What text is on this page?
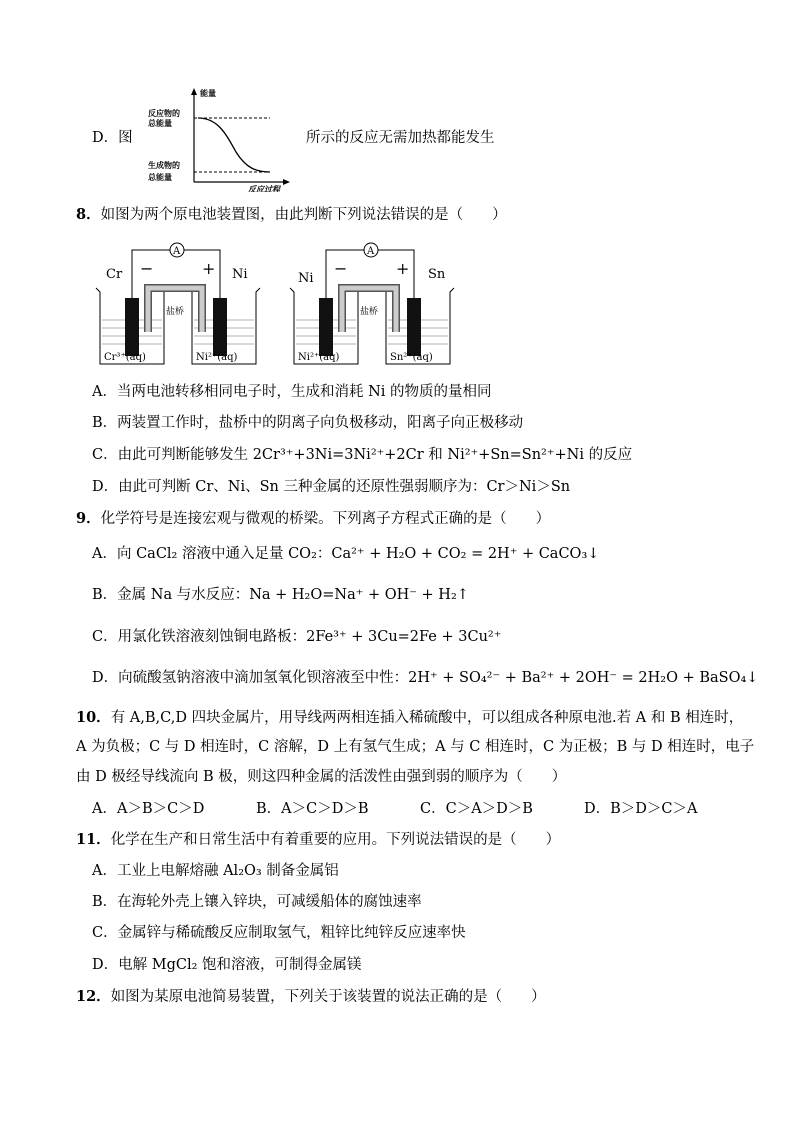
D．图
能量
反应物的
总能量
生成物的
总能量
反应过程
所示的反应无需加热都能发生
8．如图为两个原电池装置图，由此判断下列说法错误的是（　　）
A
Cr −	+ Ni
盐桥
Cr³⁺(aq)	Ni²⁺(aq)
A
Ni
−	+ Sn
盐桥
Ni²⁺(aq)	Sn²⁺(aq)
A．当两电池转移相同电子时，生成和消耗 Ni 的物质的量相同
B．两装置工作时，盐桥中的阴离子向负极移动，阳离子向正极移动
C．由此可判断能够发生 2Cr³⁺+3Ni=3Ni²⁺+2Cr 和 Ni²⁺+Sn=Sn²⁺+Ni 的反应
D．由此可判断 Cr、Ni、Sn 三种金属的还原性强弱顺序为：Cr＞Ni＞Sn
9．化学符号是连接宏观与微观的桥梁。下列离子方程式正确的是（　　）
A．向 CaCl₂ 溶液中通入足量 CO₂：Ca²⁺ + H₂O + CO₂ = 2H⁺ + CaCO₃↓
B．金属 Na 与水反应：Na + H₂O=Na⁺ + OH⁻ + H₂↑
C．用氯化铁溶液刻蚀铜电路板：2Fe³⁺ + 3Cu=2Fe + 3Cu²⁺
D．向硫酸氢钠溶液中滴加氢氧化钡溶液至中性：2H⁺ + SO₄²⁻ + Ba²⁺ + 2OH⁻ = 2H₂O + BaSO₄↓
10．有 A,B,C,D 四块金属片，用导线两两相连插入稀硫酸中，可以组成各种原电池.若 A 和 B 相连时，
A 为负极；C 与 D 相连时，C 溶解，D 上有氢气生成；A 与 C 相连时，C 为正极；B 与 D 相连时，电子
由 D 极经导线流向 B 极，则这四种金属的活泼性由强到弱的顺序为（　　）
A．A＞B＞C＞D	B．A＞C＞D＞B	C．C＞A＞D＞B	D．B＞D＞C＞A
11．化学在生产和日常生活中有着重要的应用。下列说法错误的是（　　）
A．工业上电解熔融 Al₂O₃ 制备金属铝
B．在海轮外壳上镶入锌块，可减缓船体的腐蚀速率
C．金属锌与稀硫酸反应制取氢气，粗锌比纯锌反应速率快
D．电解 MgCl₂ 饱和溶液，可制得金属镁
12．如图为某原电池简易装置，下列关于该装置的说法正确的是（　　）
